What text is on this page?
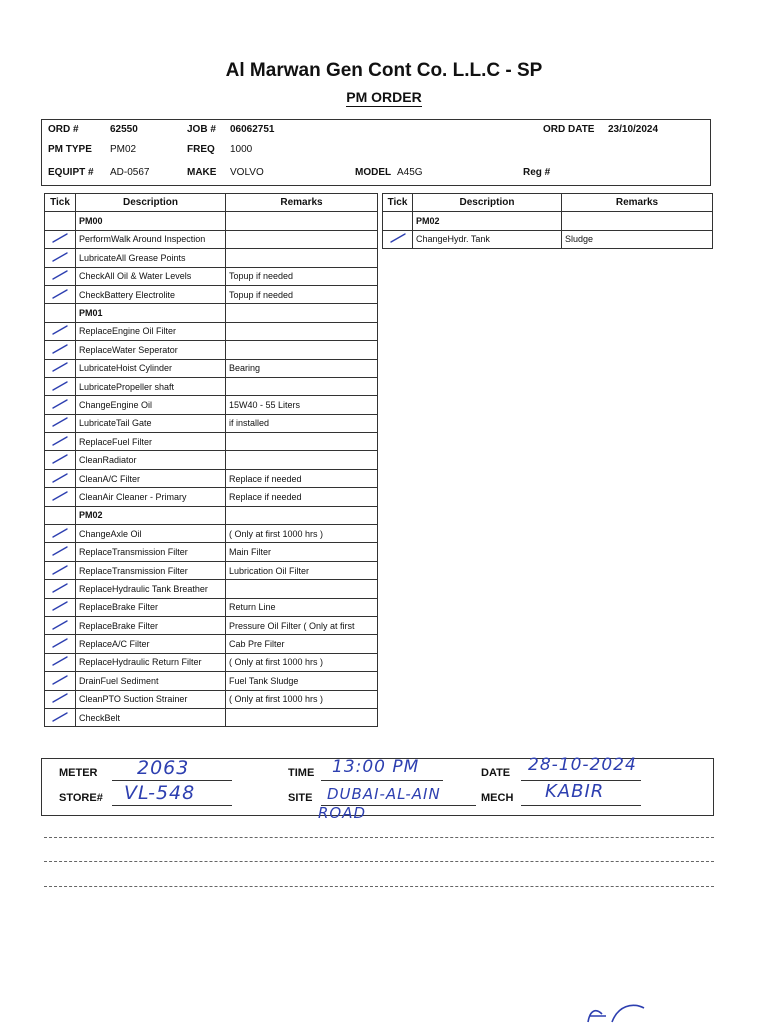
Al Marwan Gen Cont Co. L.L.C - SP
PM ORDER
ORD #	62550	JOB # 06062751	ORD DATE 23/10/2024
PM TYPE PM02	FREQ 1000
EQUIPT # AD-0567	MAKE VOLVO	MODEL A45G	Reg #
Tick	Description	Remarks
	PM00	
	PerformWalk Around Inspection	
	LubricateAll Grease Points	
	CheckAll Oil & Water Levels	Topup if needed
	CheckBattery Electrolite	Topup if needed
	PM01	
	ReplaceEngine Oil Filter	
	ReplaceWater Seperator	
	LubricateHoist Cylinder	Bearing
	LubricatePropeller shaft	
	ChangeEngine Oil	15W40 - 55 Liters
	LubricateTail Gate	if installed
	ReplaceFuel Filter	
	CleanRadiator	
	CleanA/C Filter	Replace if needed
	CleanAir Cleaner - Primary	Replace if needed
	PM02	
	ChangeAxle Oil	( Only at first 1000 hrs )
	ReplaceTransmission Filter	Main Filter
	ReplaceTransmission Filter	Lubrication Oil Filter
	ReplaceHydraulic Tank Breather	
	ReplaceBrake Filter	Return Line
	ReplaceBrake Filter	Pressure Oil Filter ( Only at first
	ReplaceA/C Filter	Cab Pre Filter
	ReplaceHydraulic Return Filter	( Only at first 1000 hrs )
	DrainFuel Sediment	Fuel Tank Sludge
	CleanPTO Suction Strainer	( Only at first 1000 hrs )
	CheckBelt	
Tick	Description	Remarks
	PM02	
	ChangeHydr. Tank	Sludge
METER 2063	TIME 13:00 PM	DATE 28-10-2024
STORE# VL-548	SITE DUBAI-AL-AIN	MECH KABIR
ROAD
